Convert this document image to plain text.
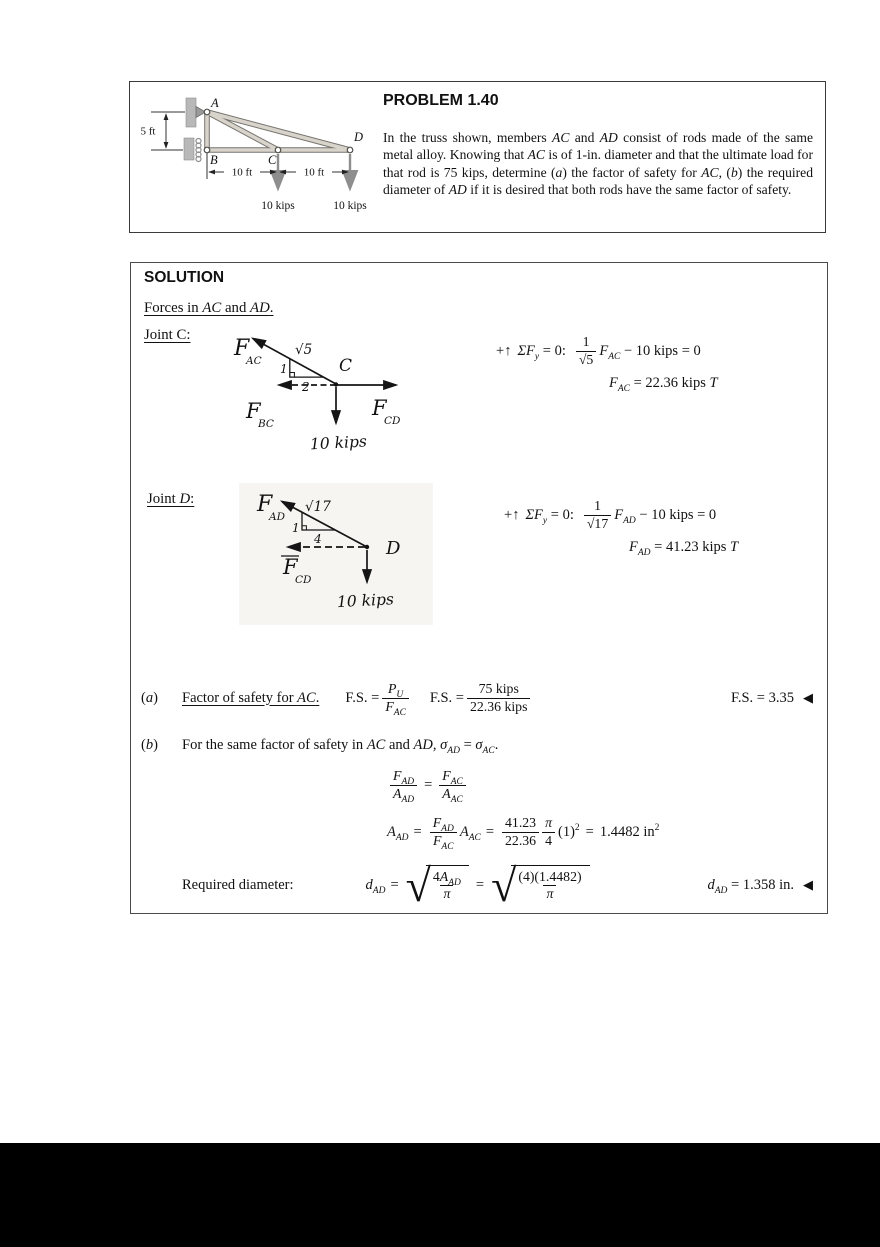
5 ft
10 ft	10 ft
A
B	C
D
10 kips	10 kips
PROBLEM 1.40
In the truss shown, members AC and AD consist of rods made of the same metal alloy. Knowing that AC is of 1-in. diameter and that the ultimate load for that rod is 75 kips, determine (a) the factor of safety for AC, (b) the required diameter of AD if it is desired that both rods have the same factor of safety.
SOLUTION
Forces in AC and AD.
Joint C:
F
AC
√5
1
2
C
F
BC
F
CD
10 kips
+↑ $\Sigma F_y = 0$: $\frac{1}{√5} F_{AC} - 10$ kips = 0
$F_{AC} = 22.36$ kips T
Joint D:	F
AD
√17
1
4	D
F
CD
10 kips
+↑ $\Sigma F_y = 0$: $\frac{1}{√17} F_{AD} - 10$ kips = 0
$F_{AD} = 41.23$ kips T
(a)	Factor of safety for AC. F.S. = $\frac{P_U}{F_{AC}} F.S$. = $\frac{\text{75 kips}}{\text{22.36 kips}}$	F.S. = 3.35 ◀
(b)	For the same factor of safety in AC and AD, $\sigma_{AD} = \sigma_{AC}$.
$\frac{F_{AD}}{A_{AD}} = \frac{F_{AC}}{A_{AC}}$
$A_{AD} = \frac{F_{AD}}{F_{AC}} A_{AC} = \frac{41.23}{22.36} \frac{\pi}{4} (1)^2 = 1.4482$ $in^2$
Required diameter:	$d_{AD}$ = √ $\frac{4A_{AD}}{\pi}$ = √ $\frac{(4)(1.4482)}{\pi}$	$d_{AD} = 1.358$ in. ◀
